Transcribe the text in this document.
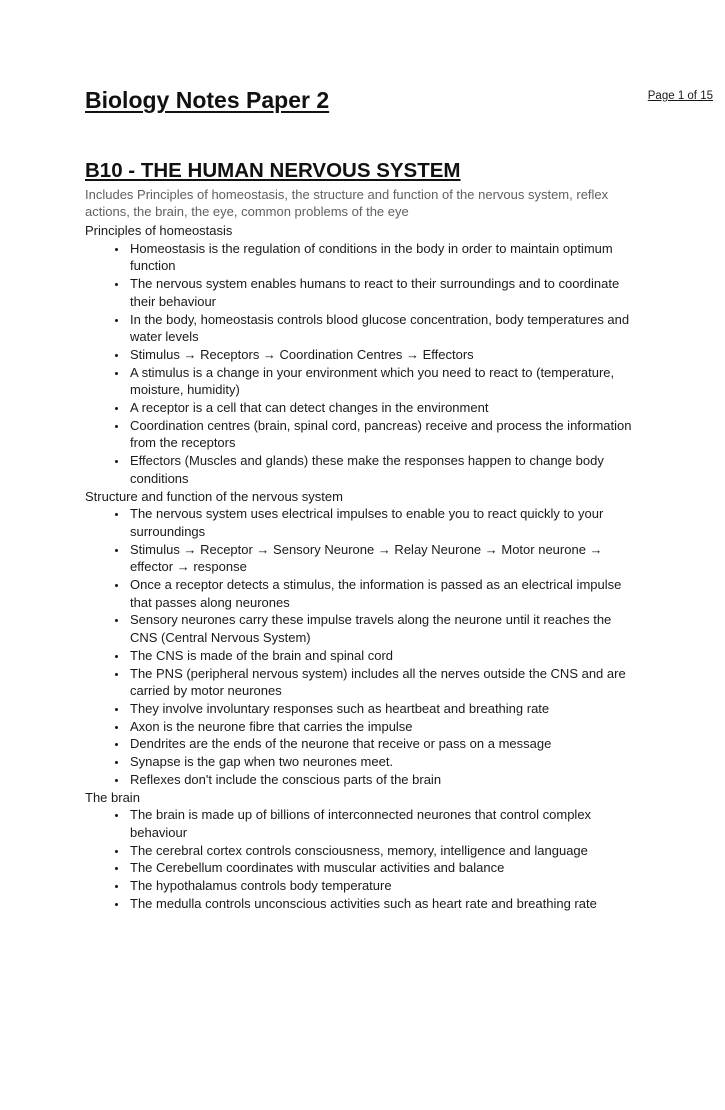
Page 1 of 15
Biology Notes Paper 2
B10 - THE HUMAN NERVOUS SYSTEM

Includes Principles of homeostasis, the structure and function of the nervous system, reflex actions, the brain, the eye, common problems of the eye

Principles of homeostasis
• Homeostasis is the regulation of conditions in the body in order to maintain optimum function
• The nervous system enables humans to react to their surroundings and to coordinate their behaviour
• In the body, homeostasis controls blood glucose concentration, body temperatures and water levels
• Stimulus → Receptors → Coordination Centres → Effectors
• A stimulus is a change in your environment which you need to react to (temperature, moisture, humidity)
• A receptor is a cell that can detect changes in the environment
• Coordination centres (brain, spinal cord, pancreas) receive and process the information from the receptors
• Effectors (Muscles and glands) these make the responses happen to change body conditions
Structure and function of the nervous system
• The nervous system uses electrical impulses to enable you to react quickly to your surroundings
• Stimulus → Receptor → Sensory Neurone → Relay Neurone → Motor neurone → effector → response
• Once a receptor detects a stimulus, the information is passed as an electrical impulse that passes along neurones
• Sensory neurones carry these impulse travels along the neurone until it reaches the CNS (Central Nervous System)
• The CNS is made of the brain and spinal cord
• The PNS (peripheral nervous system) includes all the nerves outside the CNS and are carried by motor neurones
• They involve involuntary responses such as heartbeat and breathing rate
• Axon is the neurone fibre that carries the impulse
• Dendrites are the ends of the neurone that receive or pass on a message
• Synapse is the gap when two neurones meet.
• Reflexes don't include the conscious parts of the brain
The brain
• The brain is made up of billions of interconnected neurones that control complex behaviour
• The cerebral cortex controls consciousness, memory, intelligence and language
• The Cerebellum coordinates with muscular activities and balance
• The hypothalamus controls body temperature
• The medulla controls unconscious activities such as heart rate and breathing rate
